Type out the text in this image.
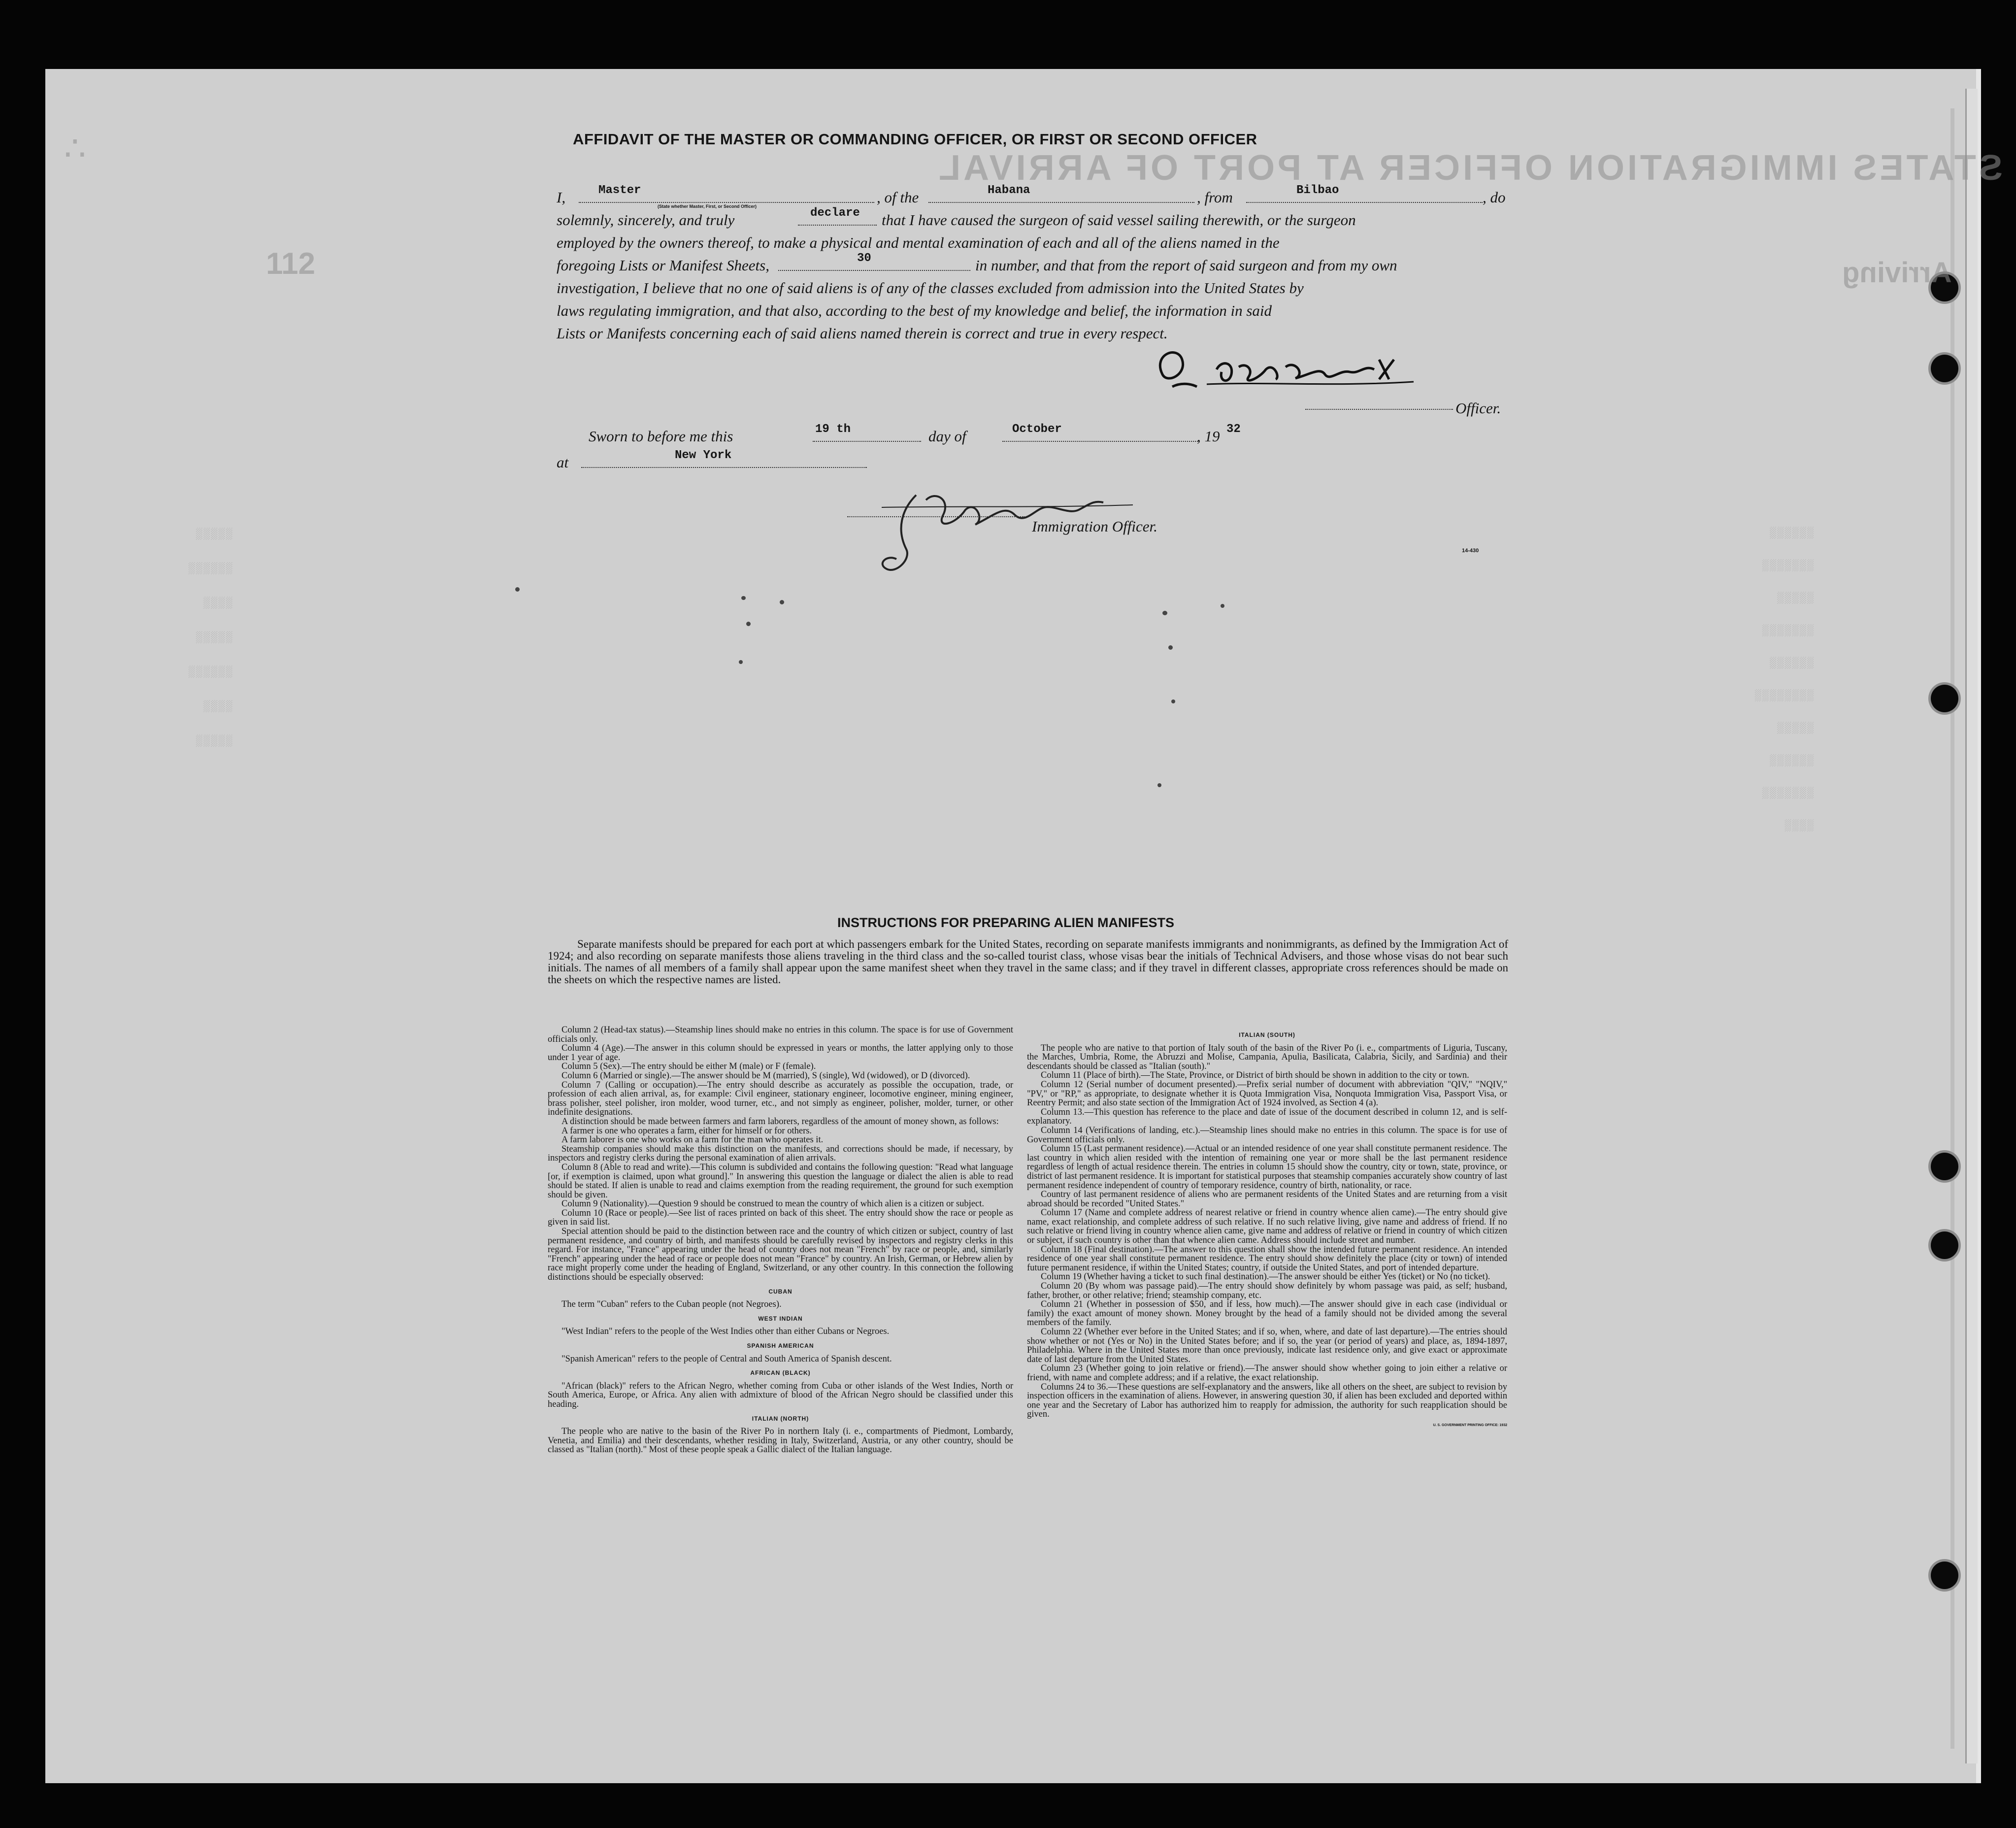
STATES IMMIGRATION OFFICER AT PORT OF ARRIVAL
Arriving
112
∴
░░░░░░
░░░░░░░
░░░░░
░░░░░░░
░░░░░░
░░░░░░░░
░░░░░
░░░░░░
░░░░░░░
░░░░
░░░░░
░░░░░░
░░░░
░░░░░
░░░░░░
░░░░
░░░░░
AFFIDAVIT OF THE MASTER OR COMMANDING OFFICER, OR FIRST OR SECOND OFFICER
I,	Master
(State whether Master, First, or Second Officer)
, of the	Habana	, from	Bilbao	, do
solemnly, sincerely, and truly	declare that I have caused the surgeon of said vessel sailing therewith, or the surgeon
employed by the owners thereof, to make a physical and mental examination of each and all of the aliens named in the
foregoing Lists or Manifest Sheets,	30	in number, and that from the report of said surgeon and from my own
investigation, I believe that no one of said aliens is of any of the classes excluded from admission into the United States by
laws regulating immigration, and that also, according to the best of my knowledge and belief, the information in said
Lists or Manifests concerning each of said aliens named therein is correct and true in every respect.
Officer.
Sworn to before me this	19 th	day of	October	, 19 32
at	New York
Immigration Officer.
14-430
INSTRUCTIONS FOR PREPARING ALIEN MANIFESTS
Separate manifests should be prepared for each port at which passengers embark for the United States, recording on separate manifests immigrants and nonimmigrants, as defined by the Immigration Act of 1924; and also recording on separate manifests those aliens traveling in the third class and the so-called tourist class, whose visas bear the initials of Technical Advisers, and those whose visas do not bear such initials. The names of all members of a family shall appear upon the same manifest sheet when they travel in the same class; and if they travel in different classes, appropriate cross references should be made on the sheets on which the respective names are listed.

Column 2 (Head-tax status).—Steamship lines should make no entries in this column. The space is for use of Government officials only.

Column 4 (Age).—The answer in this column should be expressed in years or months, the latter applying only to those under 1 year of age.

Column 5 (Sex).—The entry should be either M (male) or F (female).

Column 6 (Married or single).—The answer should be M (married), S (single), Wd (widowed), or D (divorced).

Column 7 (Calling or occupation).—The entry should describe as accurately as possible the occupation, trade, or profession of each alien arrival, as, for example: Civil engineer, stationary engineer, locomotive engineer, mining engineer, brass polisher, steel polisher, iron molder, wood turner, etc., and not simply as engineer, polisher, molder, turner, or other indefinite designations.

A distinction should be made between farmers and farm laborers, regardless of the amount of money shown, as follows:

A farmer is one who operates a farm, either for himself or for others.

A farm laborer is one who works on a farm for the man who operates it.

Steamship companies should make this distinction on the manifests, and corrections should be made, if necessary, by inspectors and registry clerks during the personal examination of alien arrivals.

Column 8 (Able to read and write).—This column is subdivided and contains the following question: "Read what language [or, if exemption is claimed, upon what ground]." In answering this question the language or dialect the alien is able to read should be stated. If alien is unable to read and claims exemption from the reading requirement, the ground for such exemption should be given.

Column 9 (Nationality).—Question 9 should be construed to mean the country of which alien is a citizen or subject.

Column 10 (Race or people).—See list of races printed on back of this sheet. The entry should show the race or people as given in said list.

Special attention should be paid to the distinction between race and the country of which citizen or subject, country of last permanent residence, and country of birth, and manifests should be carefully revised by inspectors and registry clerks in this regard. For instance, "France" appearing under the head of country does not mean "French" by race or people, and, similarly "French" appearing under the head of race or people does not mean "France" by country. An Irish, German, or Hebrew alien by race might properly come under the heading of England, Switzerland, or any other country. In this connection the following distinctions should be especially observed:

CUBAN

The term "Cuban" refers to the Cuban people (not Negroes).

WEST INDIAN

"West Indian" refers to the people of the West Indies other than either Cubans or Negroes.

SPANISH AMERICAN

"Spanish American" refers to the people of Central and South America of Spanish descent.

AFRICAN (BLACK)

"African (black)" refers to the African Negro, whether coming from Cuba or other islands of the West Indies, North or South America, Europe, or Africa. Any alien with admixture of blood of the African Negro should be classified under this heading.

ITALIAN (NORTH)

The people who are native to the basin of the River Po in northern Italy (i. e., compartments of Piedmont, Lombardy, Venetia, and Emilia) and their descendants, whether residing in Italy, Switzerland, Austria, or any other country, should be classed as "Italian (north)." Most of these people speak a Gallic dialect of the Italian language.

ITALIAN (SOUTH)

The people who are native to that portion of Italy south of the basin of the River Po (i. e., compartments of Liguria, Tuscany, the Marches, Umbria, Rome, the Abruzzi and Molise, Campania, Apulia, Basilicata, Calabria, Sicily, and Sardinia) and their descendants should be classed as "Italian (south)."

Column 11 (Place of birth).—The State, Province, or District of birth should be shown in addition to the city or town.

Column 12 (Serial number of document presented).—Prefix serial number of document with abbreviation "QIV," "NQIV," "PV," or "RP," as appropriate, to designate whether it is Quota Immigration Visa, Nonquota Immigration Visa, Passport Visa, or Reentry Permit; and also state section of the Immigration Act of 1924 involved, as Section 4 (a).

Column 13.—This question has reference to the place and date of issue of the document described in column 12, and is self-explanatory.

Column 14 (Verifications of landing, etc.).—Steamship lines should make no entries in this column. The space is for use of Government officials only.

Column 15 (Last permanent residence).—Actual or an intended residence of one year shall constitute permanent residence. The last country in which alien resided with the intention of remaining one year or more shall be the last permanent residence regardless of length of actual residence therein. The entries in column 15 should show the country, city or town, state, province, or district of last permanent residence. It is important for statistical purposes that steamship companies accurately show country of last permanent residence independent of country of temporary residence, country of birth, nationality, or race.

Country of last permanent residence of aliens who are permanent residents of the United States and are returning from a visit abroad should be recorded "United States."

Column 17 (Name and complete address of nearest relative or friend in country whence alien came).—The entry should give name, exact relationship, and complete address of such relative. If no such relative living, give name and address of friend. If no such relative or friend living in country whence alien came, give name and address of relative or friend in country of which citizen or subject, if such country is other than that whence alien came. Address should include street and number.

Column 18 (Final destination).—The answer to this question shall show the intended future permanent residence. An intended residence of one year shall constitute permanent residence. The entry should show definitely the place (city or town) of intended future permanent residence, if within the United States; country, if outside the United States, and port of intended departure.

Column 19 (Whether having a ticket to such final destination).—The answer should be either Yes (ticket) or No (no ticket).

Column 20 (By whom was passage paid).—The entry should show definitely by whom passage was paid, as self; husband, father, brother, or other relative; friend; steamship company, etc.

Column 21 (Whether in possession of $50, and if less, how much).—The answer should give in each case (individual or family) the exact amount of money shown. Money brought by the head of a family should not be divided among the several members of the family.

Column 22 (Whether ever before in the United States; and if so, when, where, and date of last departure).—The entries should show whether or not (Yes or No) in the United States before; and if so, the year (or period of years) and place, as, 1894-1897, Philadelphia. Where in the United States more than once previously, indicate last residence only, and give exact or approximate date of last departure from the United States.

Column 23 (Whether going to join relative or friend).—The answer should show whether going to join either a relative or friend, with name and complete address; and if a relative, the exact relationship.

Columns 24 to 36.—These questions are self-explanatory and the answers, like all others on the sheet, are subject to revision by inspection officers in the examination of aliens. However, in answering question 30, if alien has been excluded and deported within one year and the Secretary of Labor has authorized him to reapply for admission, the authority for such reapplication should be given.

U. S. GOVERNMENT PRINTING OFFICE: 1932
